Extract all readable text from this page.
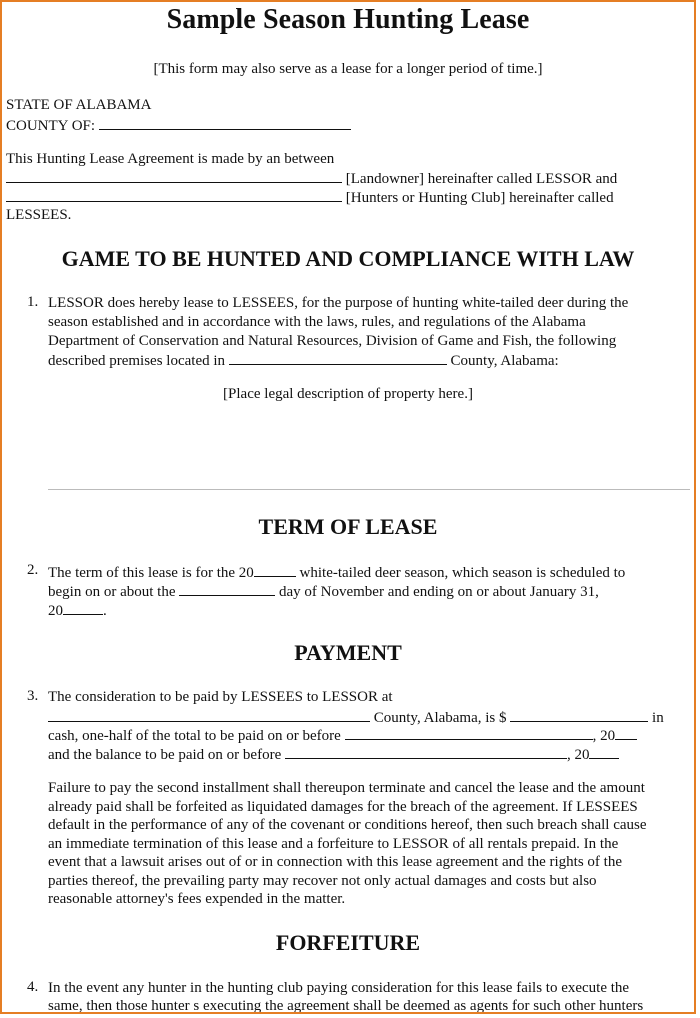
Sample Season Hunting Lease
[This form may also serve as a lease for a longer period of time.]
STATE OF ALABAMA
COUNTY OF:
This Hunting Lease Agreement is made by an between
[Landowner] hereinafter called LESSOR and
[Hunters or Hunting Club] hereinafter called
LESSEES.
GAME TO BE HUNTED AND COMPLIANCE WITH LAW
1. LESSOR does hereby lease to LESSEES, for the purpose of hunting white-tailed deer during the
season established and in accordance with the laws, rules, and regulations of the Alabama
Department of Conservation and Natural Resources, Division of Game and Fish, the following
described premises located in	County, Alabama:
[Place legal description of property here.]
TERM OF LEASE
2. The term of this lease is for the 20	white-tailed deer season, which season is scheduled to
begin on or about the	day of November and ending on or about January 31,
20	.
PAYMENT
3. The consideration to be paid by LESSEES to LESSOR at
County, Alabama, is $	in
cash, one-half of the total to be paid on or before	, 20
and the balance to be paid on or before	, 20
Failure to pay the second installment shall thereupon terminate and cancel the lease and the amount
already paid shall be forfeited as liquidated damages for the breach of the agreement. If LESSEES
default in the performance of any of the covenant or conditions hereof, then such breach shall cause
an immediate termination of this lease and a forfeiture to LESSOR of all rentals prepaid. In the
event that a lawsuit arises out of or in connection with this lease agreement and the rights of the
parties thereof, the prevailing party may recover not only actual damages and costs but also
reasonable attorney's fees expended in the matter.
FORFEITURE
4. In the event any hunter in the hunting club paying consideration for this lease fails to execute the
same, then those hunter s executing the agreement shall be deemed as agents for such other hunters
